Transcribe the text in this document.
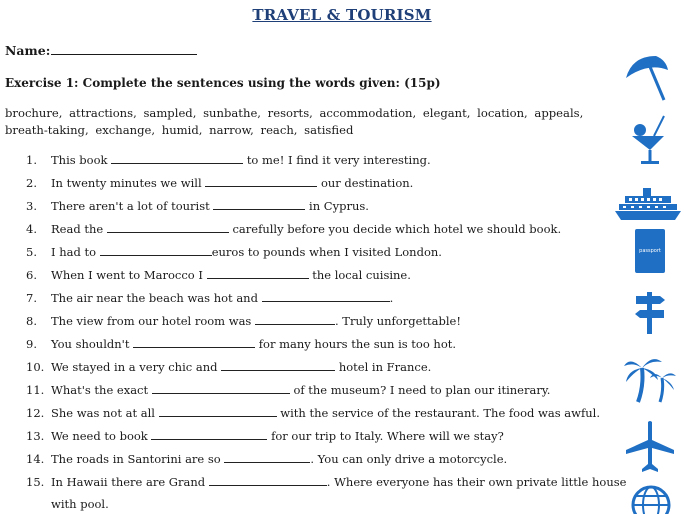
TRAVEL & TOURISM
Name:
Exercise 1: Complete the sentences using the words given: (15p)
brochure, attractions, sampled, sunbathe, resorts, accommodation, elegant, location, appeals,
breath-taking, exchange, humid, narrow, reach, satisfied
1.	This book	to me! I find it very interesting.
2.	In twenty minutes we will	our destination.
3.	There aren't a lot of tourist	in Cyprus.
4.	Read the	carefully before you decide which hotel we should book.
5.	I had to	euros to pounds when I visited London.
6.	When I went to Marocco I	the local cuisine.
7.	The air near the beach was hot and	.
8.	The view from our hotel room was	. Truly unforgettable!
9.	You shouldn't	for many hours the sun is too hot.
10. We stayed in a very chic and	hotel in France.
11. What's the exact	of the museum? I need to plan our itinerary.
12. She was not at all	with the service of the restaurant. The food was awful.
13. We need to book	for our trip to Italy. Where will we stay?
14. The roads in Santorini are so	. You can only drive a motorcycle.
15. In Hawaii there are Grand	. Where everyone has their own private little house
with pool.
passport
